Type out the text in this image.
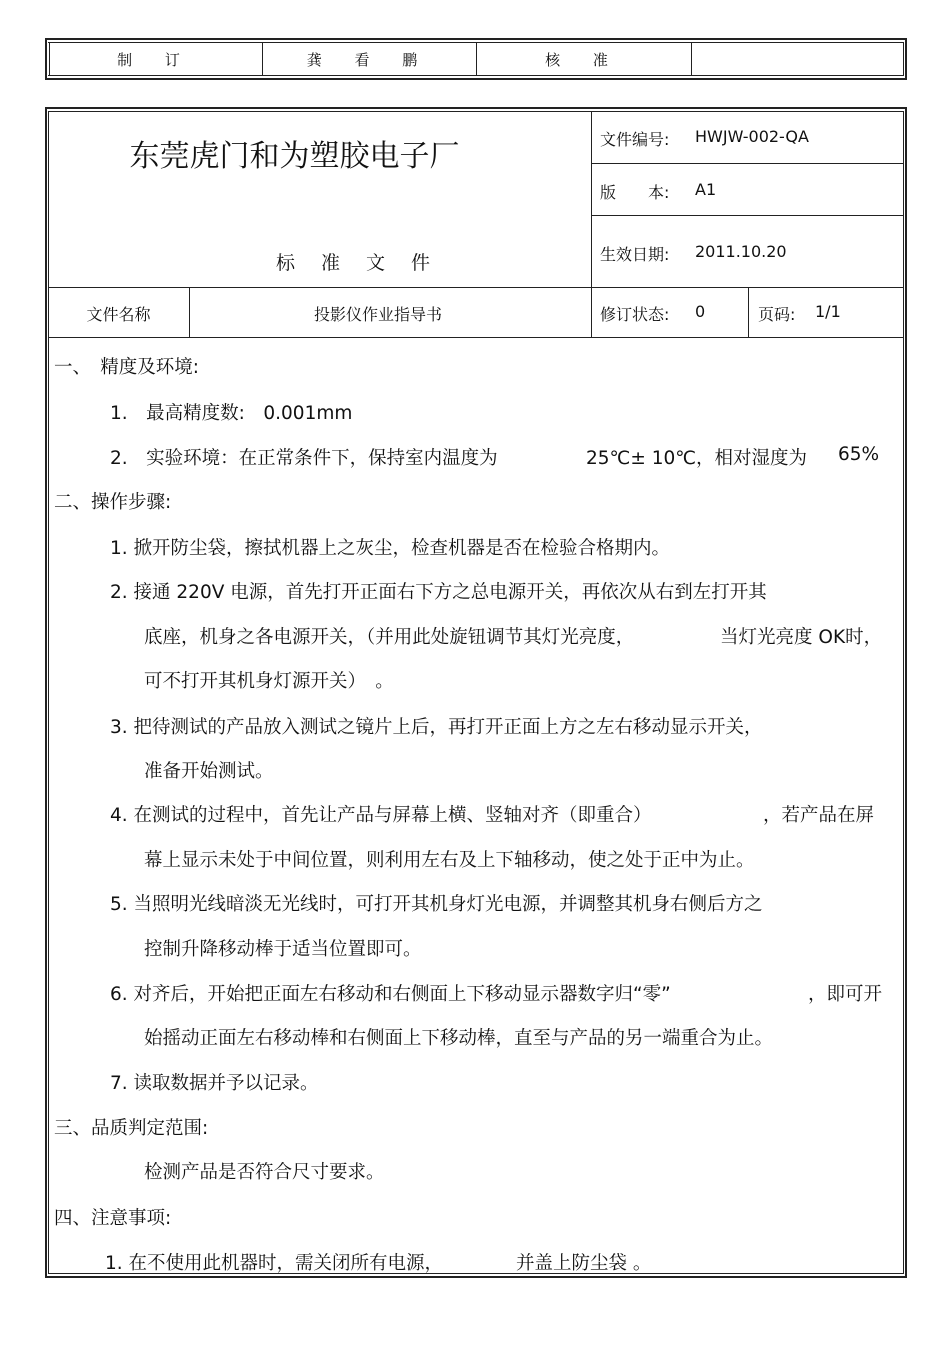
制 订	龚 看 鹏	核 准
东莞虎门和为塑胶电子厂
标 准 文 件
文件编号: HWJW-002-QA
版　　本: A1
生效日期: 2011.10.20
文件名称	投影仪作业指导书	修订状态: 0	页码: 1/1
一、　精度及环境:
1.　最高精度数:　0.001mm
2.　实验环境：在正常条件下，保持室内温度为	25℃± 10℃，相对湿度为 65%
二、操作步骤:
1. 掀开防尘袋，擦拭机器上之灰尘，检查机器是否在检验合格期内。
2. 接通 220V 电源，首先打开正面右下方之总电源开关，再依次从右到左打开其
底座，机身之各电源开关，（并用此处旋钮调节其灯光亮度，	当灯光亮度 OK时，
可不打开其机身灯源开关）　。
3. 把待测试的产品放入测试之镜片上后，再打开正面上方之左右移动显示开关，
准备开始测试。
4. 在测试的过程中，首先让产品与屏幕上横、竖轴对齐（即重合）	，若产品在屏
幕上显示未处于中间位置，则利用左右及上下轴移动，使之处于正中为止。
5. 当照明光线暗淡无光线时，可打开其机身灯光电源，并调整其机身右侧后方之
控制升降移动棒于适当位置即可。
6. 对齐后，开始把正面左右移动和右侧面上下移动显示器数字归“零”	，即可开
始摇动正面左右移动棒和右侧面上下移动棒，直至与产品的另一端重合为止。
7. 读取数据并予以记录。
三、品质判定范围:
检测产品是否符合尺寸要求。
四、注意事项:
1. 在不使用此机器时，需关闭所有电源，	并盖上防尘袋 。
